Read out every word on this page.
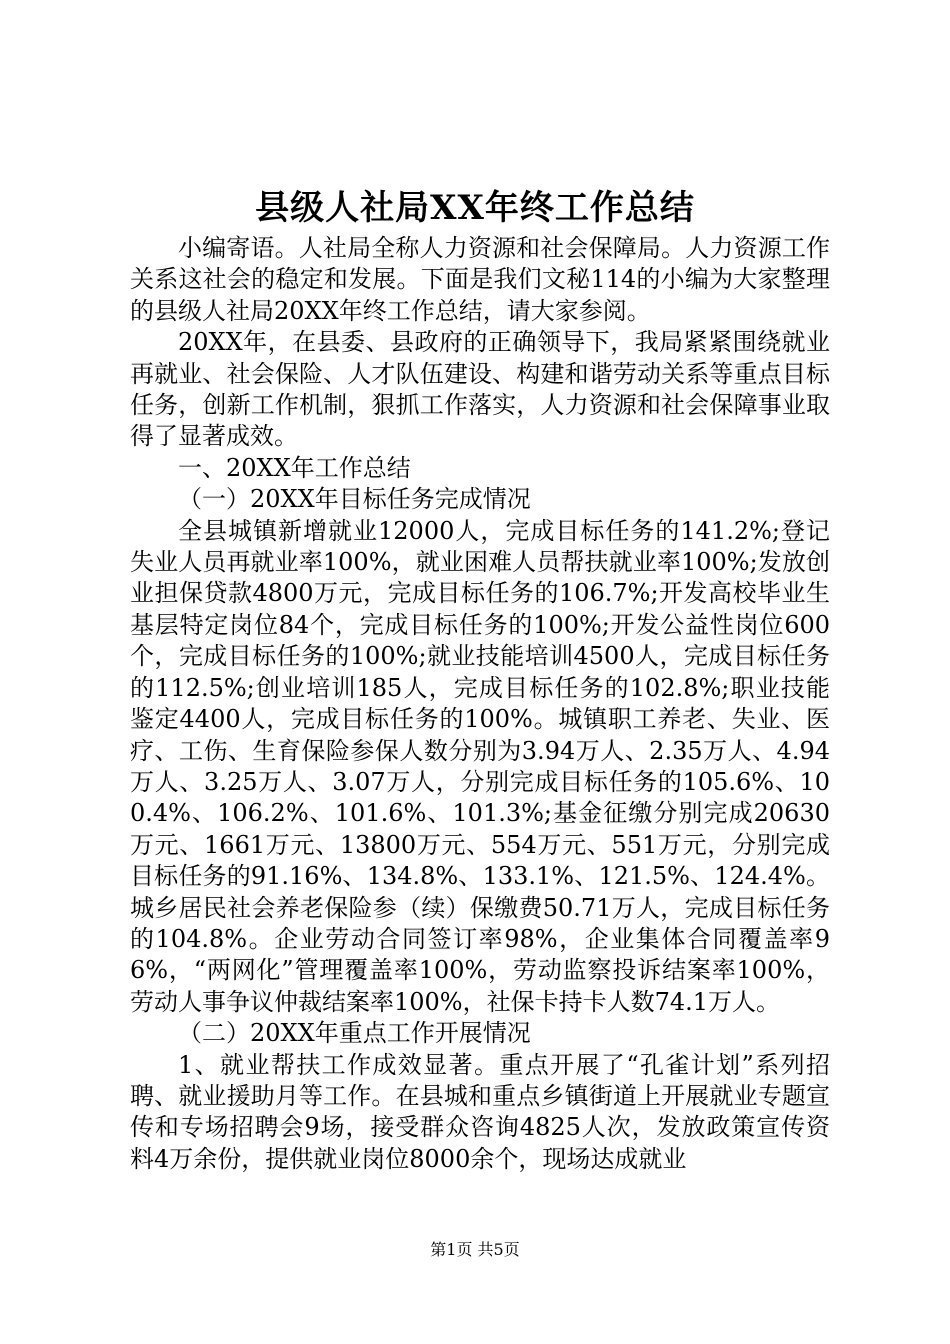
县级人社局XX年终工作总结

小编寄语。人社局全称人力资源和社会保障局。人力资源工作关系这社会的稳定和发展。下面是我们文秘114的小编为大家整理的县级人社局20XX年终工作总结，请大家参阅。

20XX年，在县委、县政府的正确领导下，我局紧紧围绕就业再就业、社会保险、人才队伍建设、构建和谐劳动关系等重点目标任务，创新工作机制，狠抓工作落实，人力资源和社会保障事业取得了显著成效。

一、20XX年工作总结

（一）20XX年目标任务完成情况

全县城镇新增就业12000人，完成目标任务的141.2%;登记失业人员再就业率100%，就业困难人员帮扶就业率100%;发放创业担保贷款4800万元，完成目标任务的106.7%;开发高校毕业生基层特定岗位84个，完成目标任务的100%;开发公益性岗位600个，完成目标任务的100%;就业技能培训4500人，完成目标任务的112.5%;创业培训185人，完成目标任务的102.8%;职业技能鉴定4400人，完成目标任务的100%。城镇职工养老、失业、医疗、工伤、生育保险参保人数分别为3.94万人、2.35万人、4.94万人、3.25万人、3.07万人，分别完成目标任务的105.6%、100.4%、106.2%、101.6%、101.3%;基金征缴分别完成20630万元、1661万元、13800万元、554万元、551万元，分别完成目标任务的91.16%、134.8%、133.1%、121.5%、124.4%。城乡居民社会养老保险参（续）保缴费50.71万人，完成目标任务的104.8%。企业劳动合同签订率98%，企业集体合同覆盖率96%，“两网化”管理覆盖率100%，劳动监察投诉结案率100%，劳动人事争议仲裁结案率100%，社保卡持卡人数74.1万人。

（二）20XX年重点工作开展情况

1、就业帮扶工作成效显著。重点开展了“孔雀计划”系列招聘、就业援助月等工作。在县城和重点乡镇街道上开展就业专题宣传和专场招聘会9场，接受群众咨询4825人次，发放政策宣传资料4万余份，提供就业岗位8000余个，现场达成就业

第1页 共5页
